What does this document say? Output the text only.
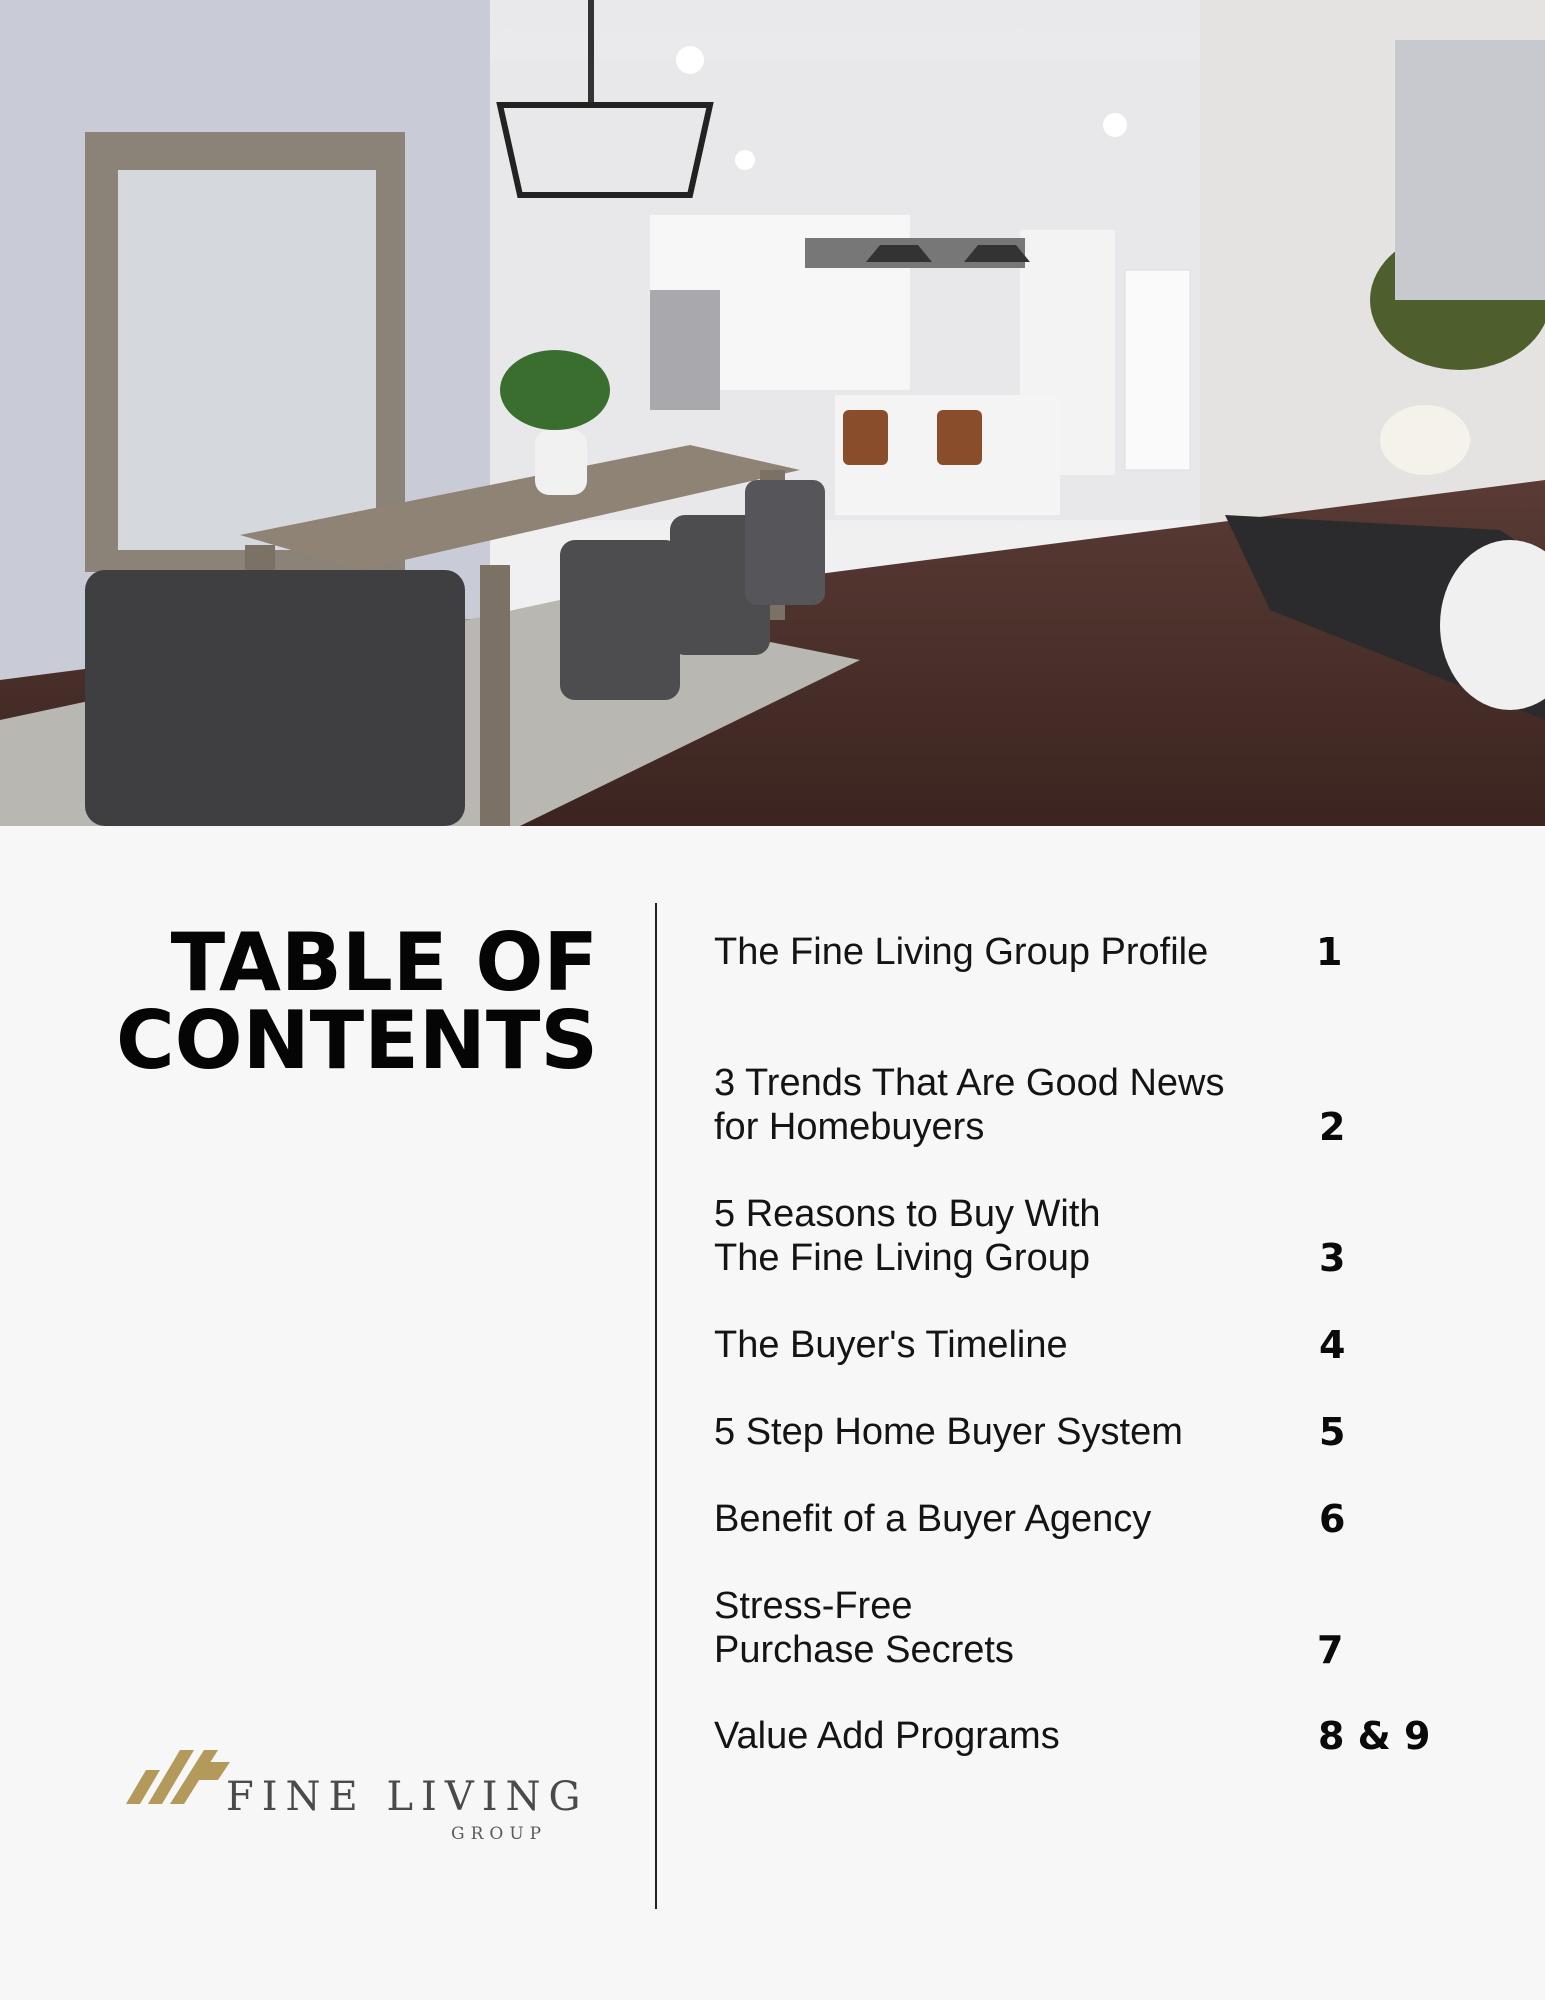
TABLE OF
CONTENTS
FINE LIVING
GROUP
The Fine Living Group Profile	1
3 Trends That Are Good News
for Homebuyers	2
5 Reasons to Buy With
The Fine Living Group	3
The Buyer's Timeline	4
5 Step Home Buyer System	5
Benefit of a Buyer Agency	6
Stress-Free
Purchase Secrets	7
Value Add Programs	8 & 9
